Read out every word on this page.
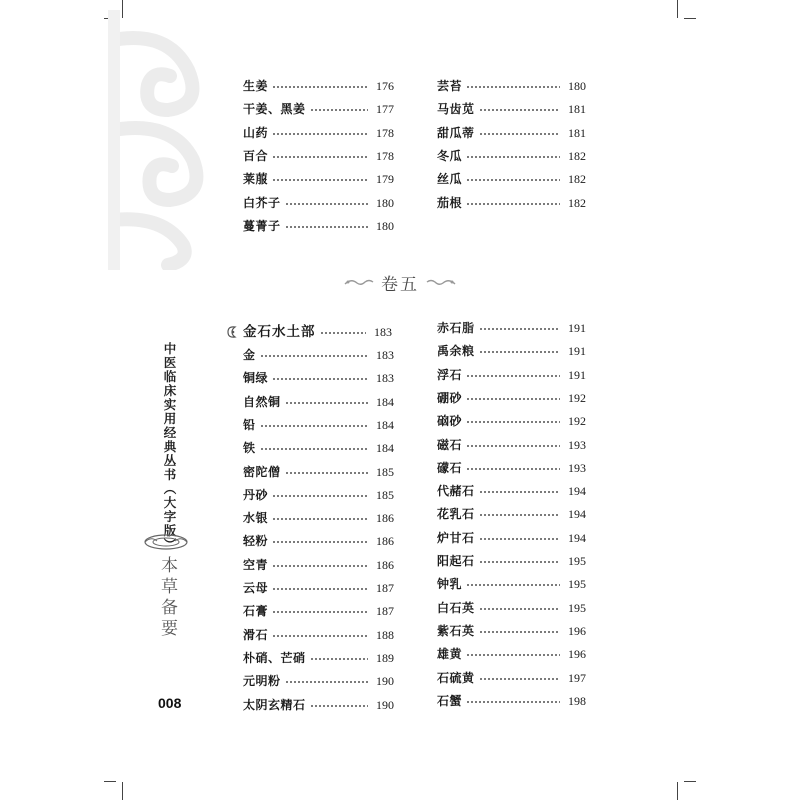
生姜	176
干姜、黑姜	177
山药	178
百合	178
莱菔	179
白芥子	180
蔓菁子	180
芸苔	180
马齿苋	181
甜瓜蒂	181
冬瓜	182
丝瓜	182
茄根	182
卷五
金石水土部	183
金	183
铜绿	183
自然铜	184
铅	184
铁	184
密陀僧	185
丹砂	185
水银	186
轻粉	186
空青	186
云母	187
石膏	187
滑石	188
朴硝、芒硝	189
元明粉	190
太阴玄精石	190
赤石脂	191
禹余粮	191
浮石	191
硼砂	192
硇砂	192
磁石	193
礞石	193
代赭石	194
花乳石	194
炉甘石	194
阳起石	195
钟乳	195
白石英	195
紫石英	196
雄黄	196
石硫黄	197
石蟹	198
中医临床实用经典丛书（大字版）
本草备要
008
